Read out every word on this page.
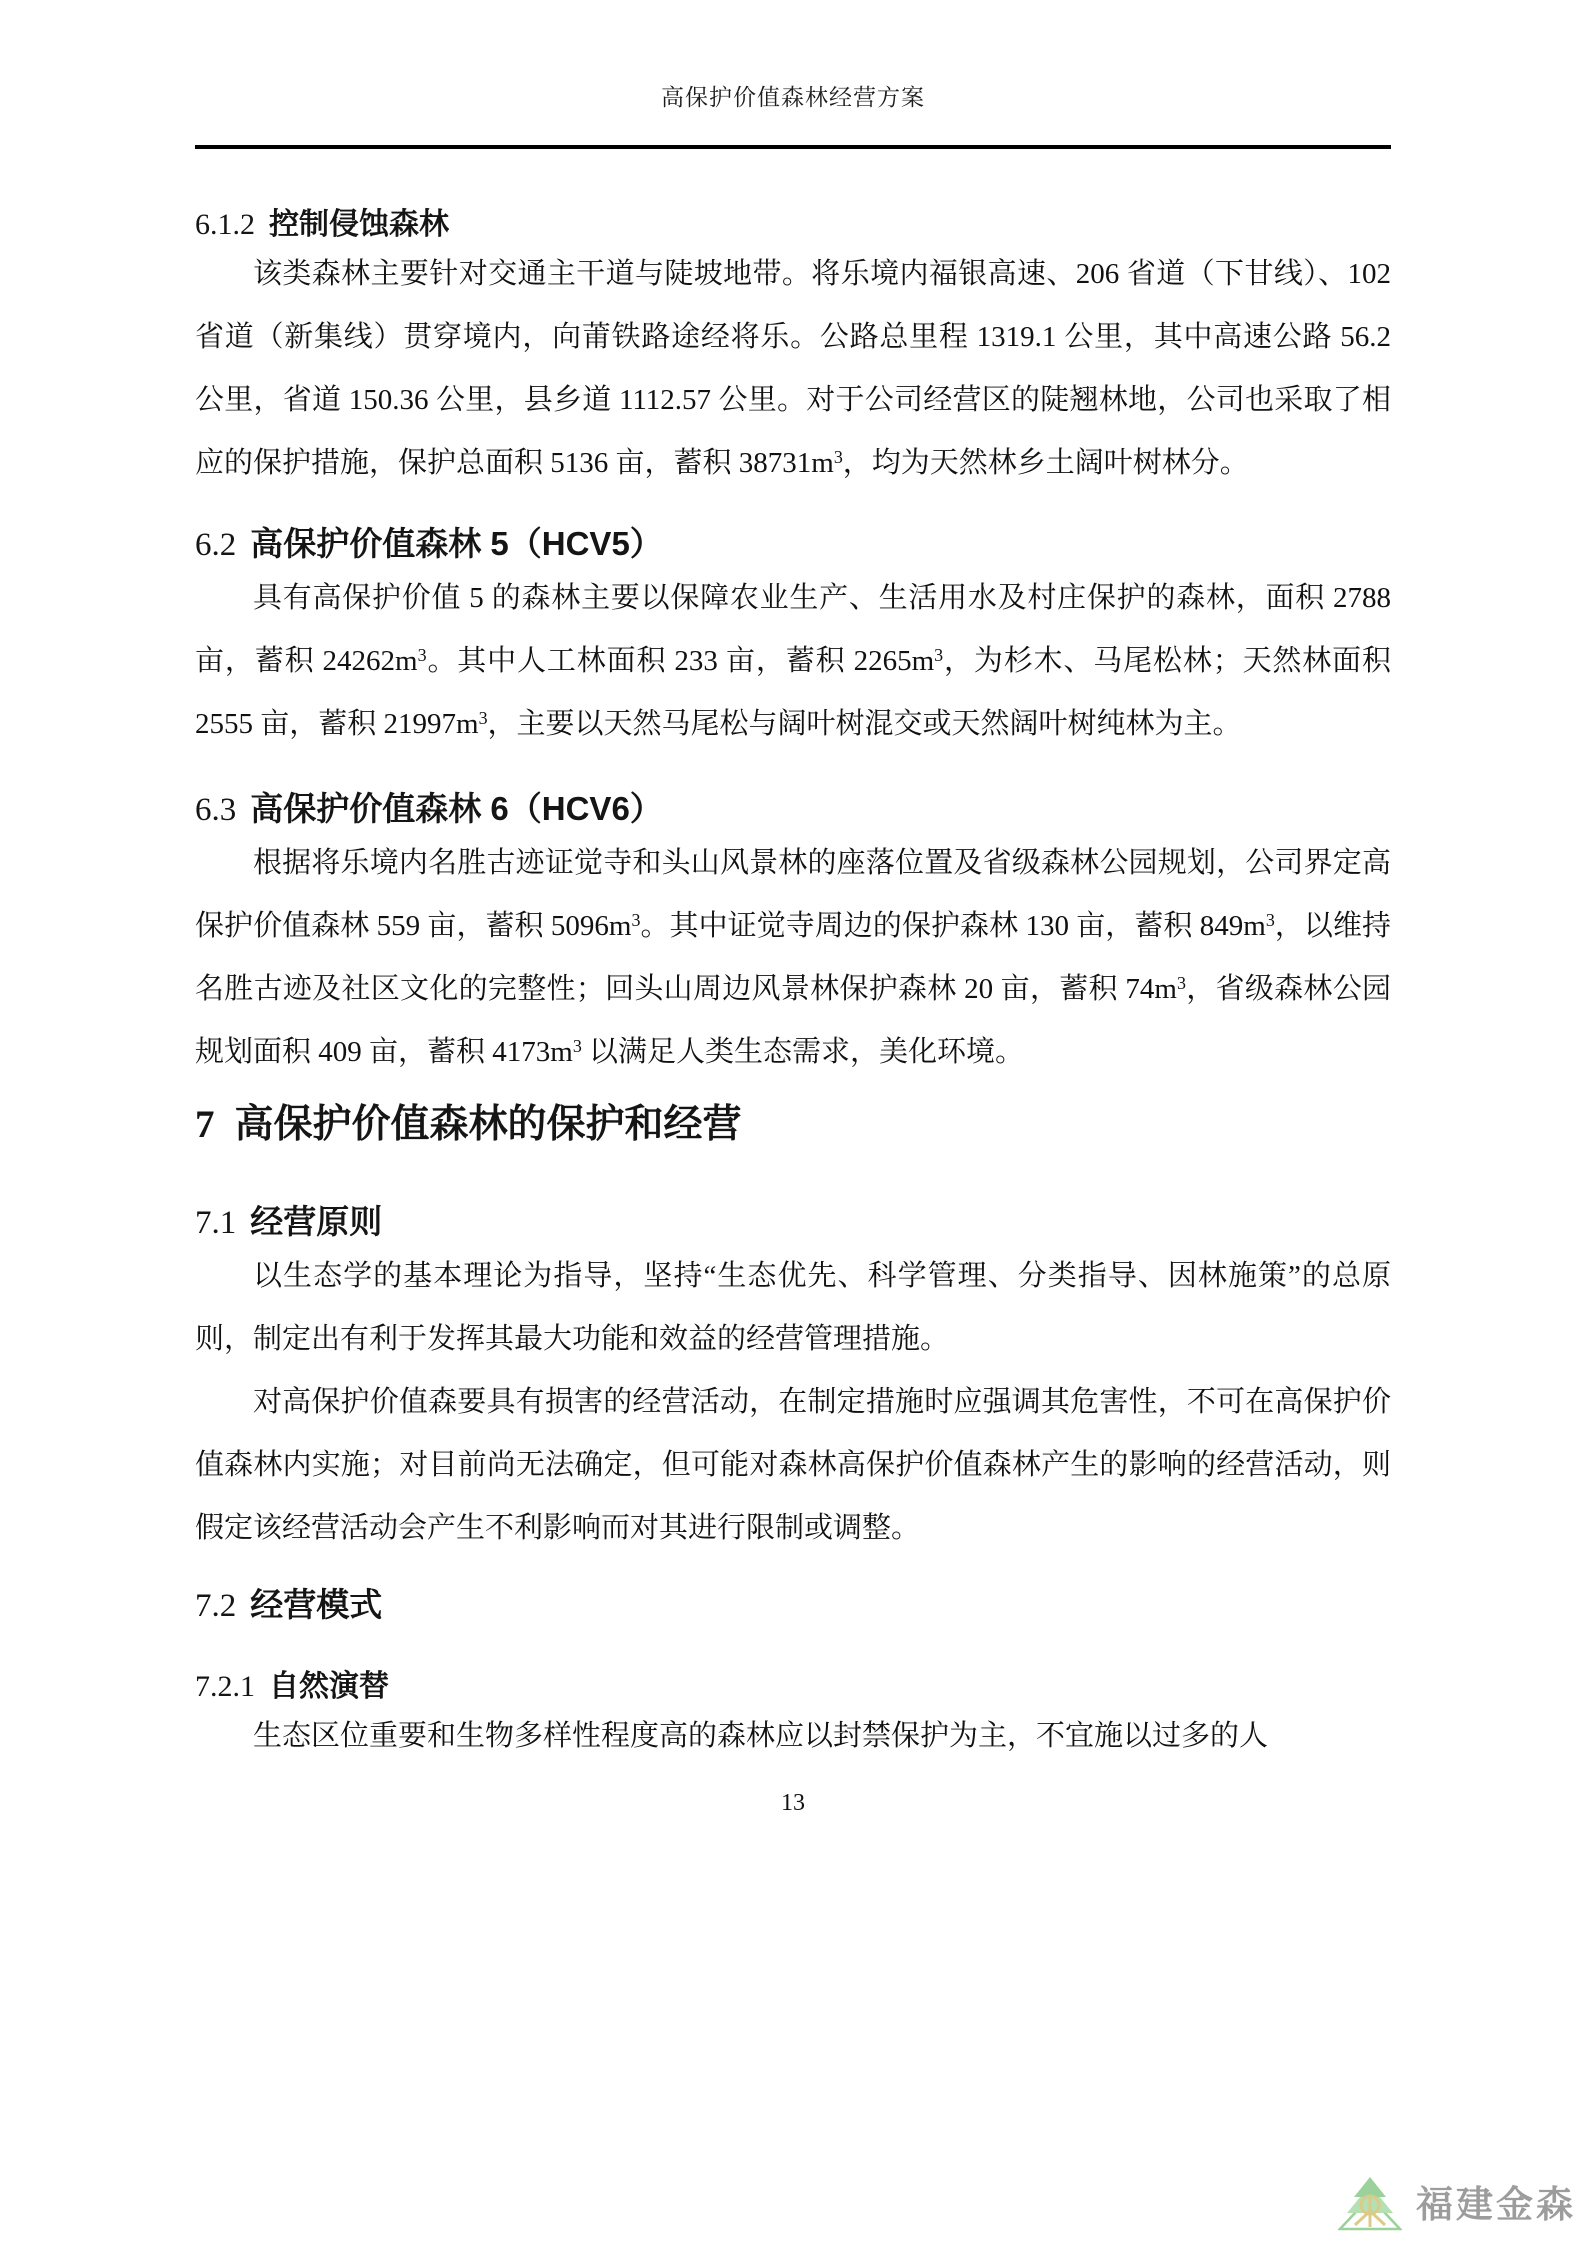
高保护价值森林经营方案
6.1.2 控制侵蚀森林

该类森林主要针对交通主干道与陡坡地带。将乐境内福银高速、206 省道（下甘线）、102 省道（新集线）贯穿境内，向莆铁路途经将乐。公路总里程 1319.1 公里，其中高速公路 56.2 公里，省道 150.36 公里，县乡道 1112.57 公里。对于公司经营区的陡翘林地，公司也采取了相应的保护措施，保护总面积 5136 亩，蓄积 $38731m^3$，均为天然林乡土阔叶树林分。

6.2 高保护价值森林 5（HCV5）

具有高保护价值 5 的森林主要以保障农业生产、生活用水及村庄保护的森林，面积 2788 亩，蓄积 $24262m^3$。其中人工林面积 233 亩，蓄积 $2265m^3$，为杉木、马尾松林；天然林面积 2555 亩，蓄积 $21997m^3$，主要以天然马尾松与阔叶树混交或天然阔叶树纯林为主。

6.3 高保护价值森林 6（HCV6）

根据将乐境内名胜古迹证觉寺和头山风景林的座落位置及省级森林公园规划，公司界定高保护价值森林 559 亩，蓄积 $5096m^3$。其中证觉寺周边的保护森林 130 亩，蓄积 $849m^3$，以维持名胜古迹及社区文化的完整性；回头山周边风景林保护森林 20 亩，蓄积 $74m^3$，省级森林公园规划面积 409 亩，蓄积 $4173m^3$ 以满足人类生态需求，美化环境。

7 高保护价值森林的保护和经营
7.1 经营原则

以生态学的基本理论为指导，坚持“生态优先、科学管理、分类指导、因林施策”的总原则，制定出有利于发挥其最大功能和效益的经营管理措施。

对高保护价值森要具有损害的经营活动，在制定措施时应强调其危害性，不可在高保护价值森林内实施；对目前尚无法确定，但可能对森林高保护价值森林产生的影响的经营活动，则假定该经营活动会产生不利影响而对其进行限制或调整。

7.2 经营模式
7.2.1 自然演替

生态区位重要和生物多样性程度高的森林应以封禁保护为主，不宜施以过多的人

13
福建金森
